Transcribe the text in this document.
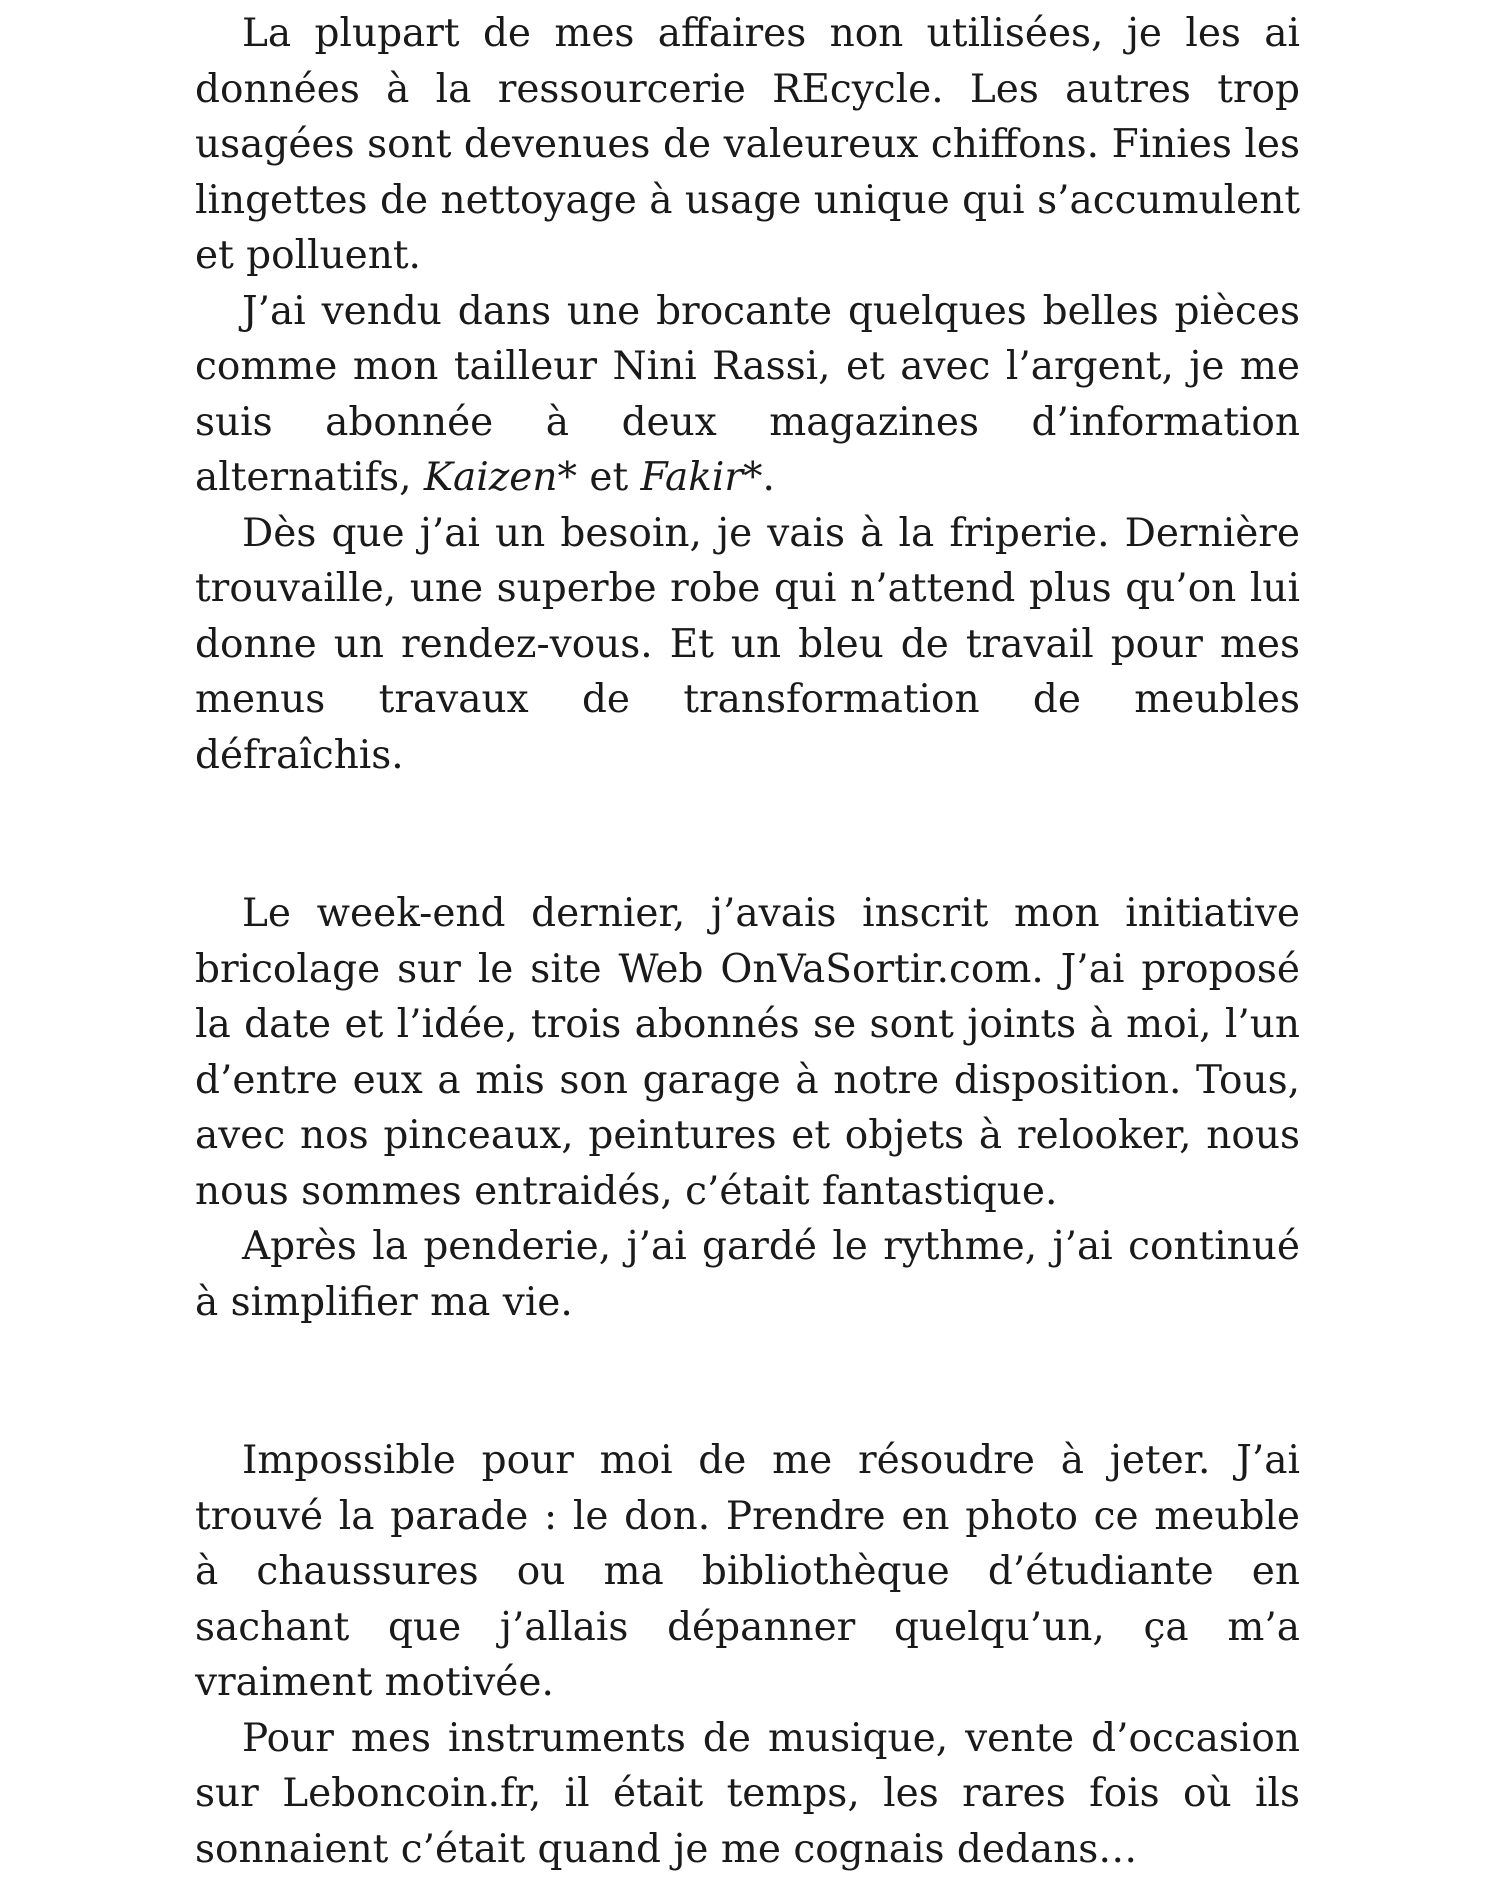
La plupart de mes affaires non utilisées, je les ai données à la ressourcerie REcycle. Les autres trop usagées sont devenues de valeureux chiffons. Finies les lingettes de nettoyage à usage unique qui s’accumulent et polluent.

J’ai vendu dans une brocante quelques belles pièces comme mon tailleur Nini Rassi, et avec l’argent, je me suis abonnée à deux magazines d’information alternatifs, Kaizen* et Fakir*.

Dès que j’ai un besoin, je vais à la friperie. Dernière trouvaille, une superbe robe qui n’attend plus qu’on lui donne un rendez-vous. Et un bleu de travail pour mes menus travaux de transformation de meubles défraîchis.

Le week-end dernier, j’avais inscrit mon initiative bricolage sur le site Web OnVaSortir.com. J’ai proposé la date et l’idée, trois abonnés se sont joints à moi, l’un d’entre eux a mis son garage à notre disposition. Tous, avec nos pinceaux, peintures et objets à relooker, nous nous sommes entraidés, c’était fantastique.

Après la penderie, j’ai gardé le rythme, j’ai continué à simplifier ma vie.

Impossible pour moi de me résoudre à jeter. J’ai trouvé la parade : le don. Prendre en photo ce meuble à chaussures ou ma bibliothèque d’étudiante en sachant que j’allais dépanner quelqu’un, ça m’a vraiment motivée.

Pour mes instruments de musique, vente d’occasion sur Leboncoin.fr, il était temps, les rares fois où ils sonnaient c’était quand je me cognais dedans…
